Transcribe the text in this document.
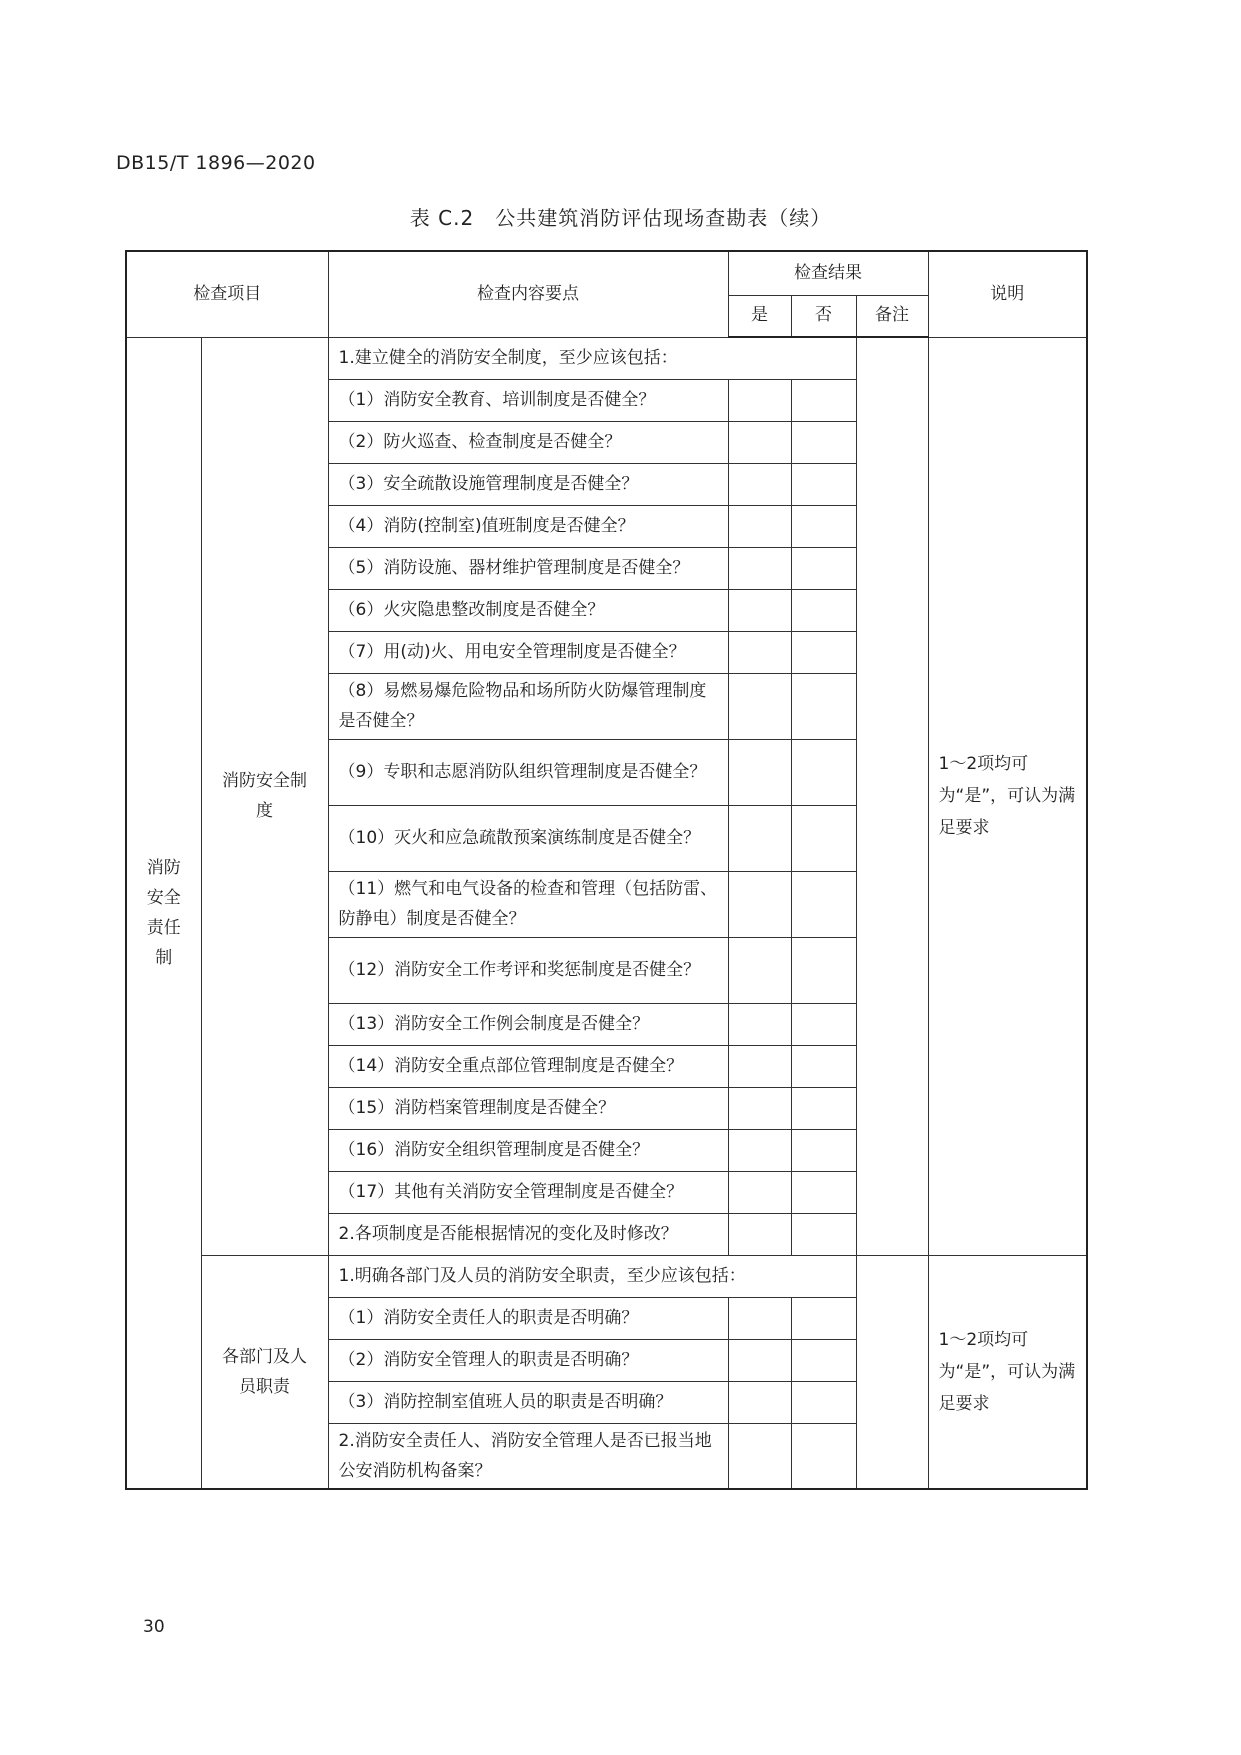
DB15/T 1896—2020
表 C.2　公共建筑消防评估现场查勘表（续）
检查项目		检查内容要点	检查结果			说明
			是	否	备注	
消防安全责任制	消防安全制度	1.建立健全的消防安全制度，至少应该包括：				1～2项均可为“是”，可认为满足要求
		（1）消防安全教育、培训制度是否健全？				
		（2）防火巡查、检查制度是否健全？				
		（3）安全疏散设施管理制度是否健全？				
		（4）消防(控制室)值班制度是否健全？				
		（5）消防设施、器材维护管理制度是否健全？				
		（6）火灾隐患整改制度是否健全？				
		（7）用(动)火、用电安全管理制度是否健全？				
		（8）易燃易爆危险物品和场所防火防爆管理制度是否健全？				
		（9）专职和志愿消防队组织管理制度是否健全？				
		（10）灭火和应急疏散预案演练制度是否健全？				
		（11）燃气和电气设备的检查和管理（包括防雷、防静电）制度是否健全？				
		（12）消防安全工作考评和奖惩制度是否健全？				
		（13）消防安全工作例会制度是否健全？				
		（14）消防安全重点部位管理制度是否健全？				
		（15）消防档案管理制度是否健全？				
		（16）消防安全组织管理制度是否健全？				
		（17）其他有关消防安全管理制度是否健全？				
		2.各项制度是否能根据情况的变化及时修改？				
	各部门及人员职责	1.明确各部门及人员的消防安全职责，至少应该包括：				1～2项均可为“是”，可认为满足要求
		（1）消防安全责任人的职责是否明确？				
		（2）消防安全管理人的职责是否明确？				
		（3）消防控制室值班人员的职责是否明确？				
		2.消防安全责任人、消防安全管理人是否已报当地公安消防机构备案？				
30
